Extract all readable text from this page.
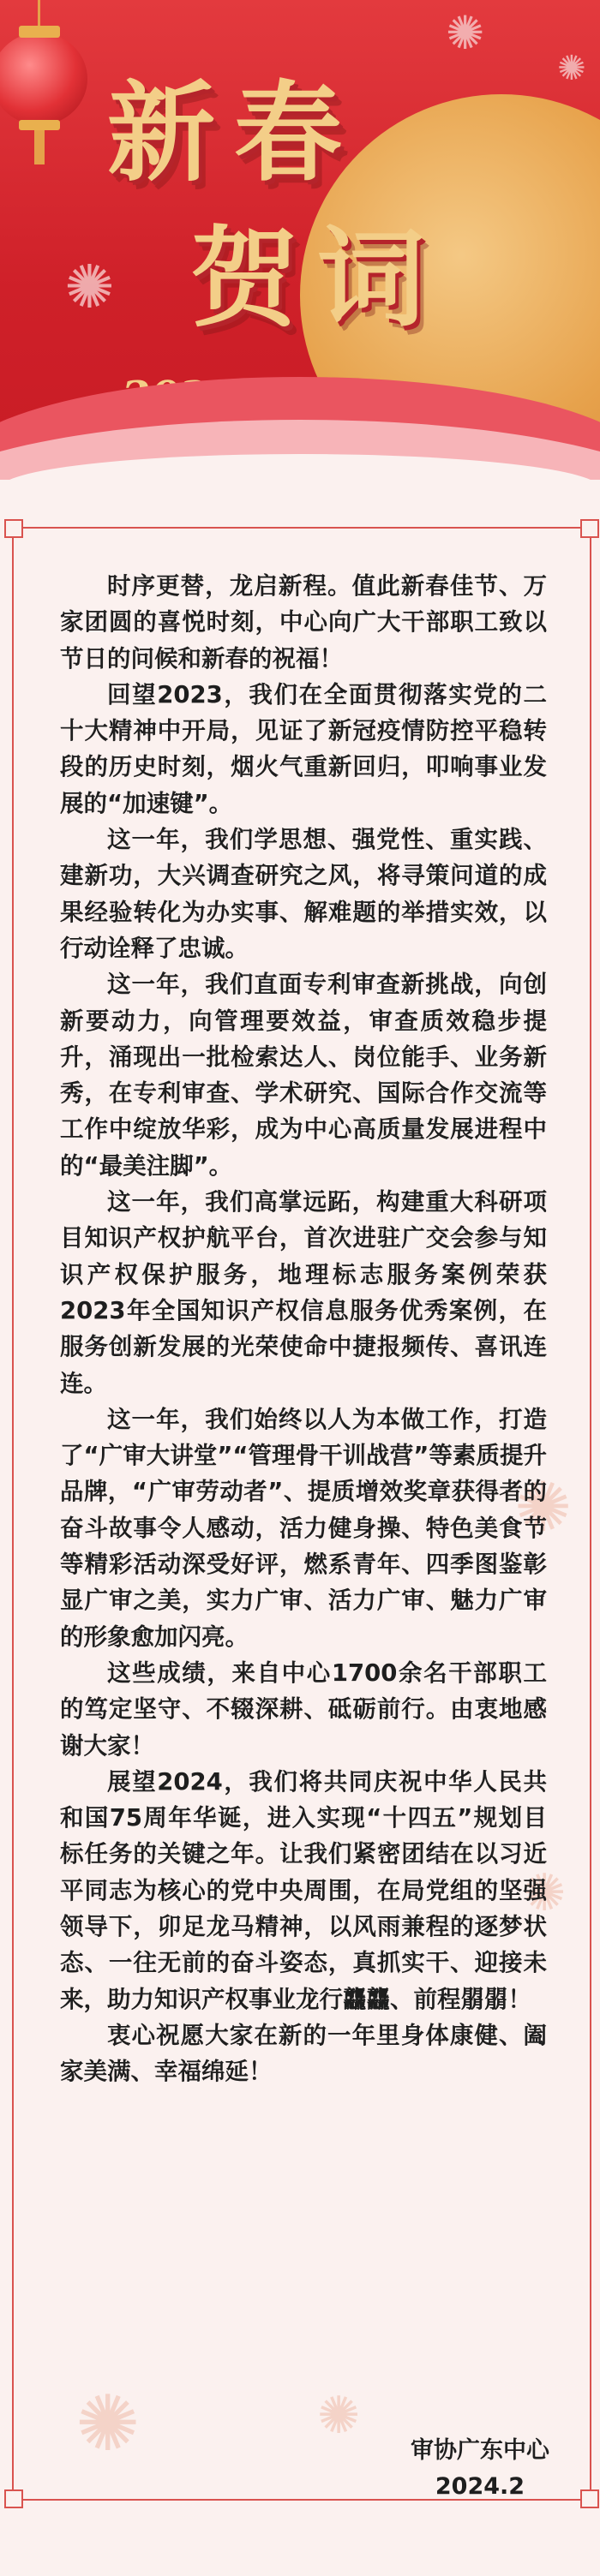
✺
✺
✺
新春
贺词
✺
✺
✺	✺

时序更替，龙启新程。值此新春佳节、万家团圆的喜悦时刻，中心向广大干部职工致以节日的问候和新春的祝福！

回望2023，我们在全面贯彻落实党的二十大精神中开局，见证了新冠疫情防控平稳转段的历史时刻，烟火气重新回归，叩响事业发展的“加速键”。

这一年，我们学思想、强党性、重实践、建新功，大兴调查研究之风，将寻策问道的成果经验转化为办实事、解难题的举措实效，以行动诠释了忠诚。

这一年，我们直面专利审查新挑战，向创新要动力，向管理要效益，审查质效稳步提升，涌现出一批检索达人、岗位能手、业务新秀，在专利审查、学术研究、国际合作交流等工作中绽放华彩，成为中心高质量发展进程中的“最美注脚”。

这一年，我们高掌远跖，构建重大科研项目知识产权护航平台，首次进驻广交会参与知识产权保护服务，地理标志服务案例荣获2023年全国知识产权信息服务优秀案例，在服务创新发展的光荣使命中捷报频传、喜讯连连。

这一年，我们始终以人为本做工作，打造了“广审大讲堂”“管理骨干训战营”等素质提升品牌，“广审劳动者”、提质增效奖章获得者的奋斗故事令人感动，活力健身操、特色美食节等精彩活动深受好评，燃系青年、四季图鉴彰显广审之美，实力广审、活力广审、魅力广审的形象愈加闪亮。

这些成绩，来自中心1700余名干部职工的笃定坚守、不辍深耕、砥砺前行。由衷地感谢大家！

展望2024，我们将共同庆祝中华人民共和国75周年华诞，进入实现“十四五”规划目标任务的关键之年。让我们紧密团结在以习近平同志为核心的党中央周围，在局党组的坚强领导下，卯足龙马精神，以风雨兼程的逐梦状态、一往无前的奋斗姿态，真抓实干、迎接未来，助力知识产权事业龙行龘龘、前程朤朤！

衷心祝愿大家在新的一年里身体康健、阖家美满、幸福绵延！

审协广东中心
2024.2
